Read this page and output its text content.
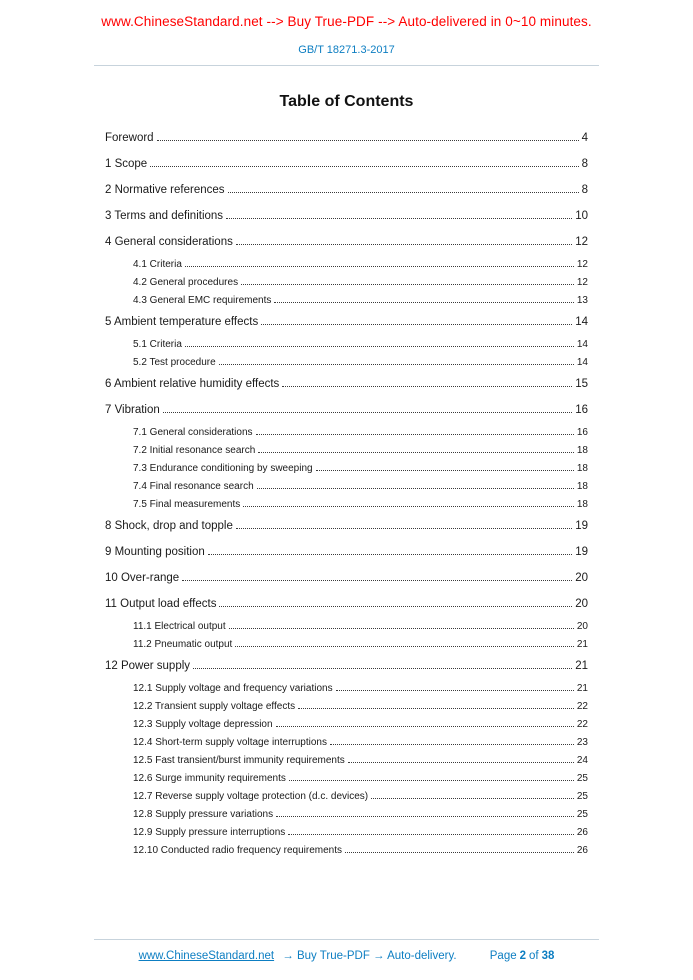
www.ChineseStandard.net --> Buy True-PDF --> Auto-delivered in 0~10 minutes.
GB/T 18271.3-2017
Table of Contents
Foreword	4
1 Scope	8
2 Normative references	8
3 Terms and definitions	10
4 General considerations	12
4.1 Criteria	12
4.2 General procedures	12
4.3 General EMC requirements	13
5 Ambient temperature effects	14
5.1 Criteria	14
5.2 Test procedure	14
6 Ambient relative humidity effects	15
7 Vibration	16
7.1 General considerations	16
7.2 Initial resonance search	18
7.3 Endurance conditioning by sweeping	18
7.4 Final resonance search	18
7.5 Final measurements	18
8 Shock, drop and topple	19
9 Mounting position	19
10 Over-range	20
11 Output load effects	20
11.1 Electrical output	20
11.2 Pneumatic output	21
12 Power supply	21
12.1 Supply voltage and frequency variations	21
12.2 Transient supply voltage effects	22
12.3 Supply voltage depression	22
12.4 Short-term supply voltage interruptions	23
12.5 Fast transient/burst immunity requirements	24
12.6 Surge immunity requirements	25
12.7 Reverse supply voltage protection (d.c. devices)	25
12.8 Supply pressure variations	25
12.9 Supply pressure interruptions	26
12.10 Conducted radio frequency requirements	26
www.ChineseStandard.net → Buy True-PDF → Auto-delivery.	Page 2 of 38
